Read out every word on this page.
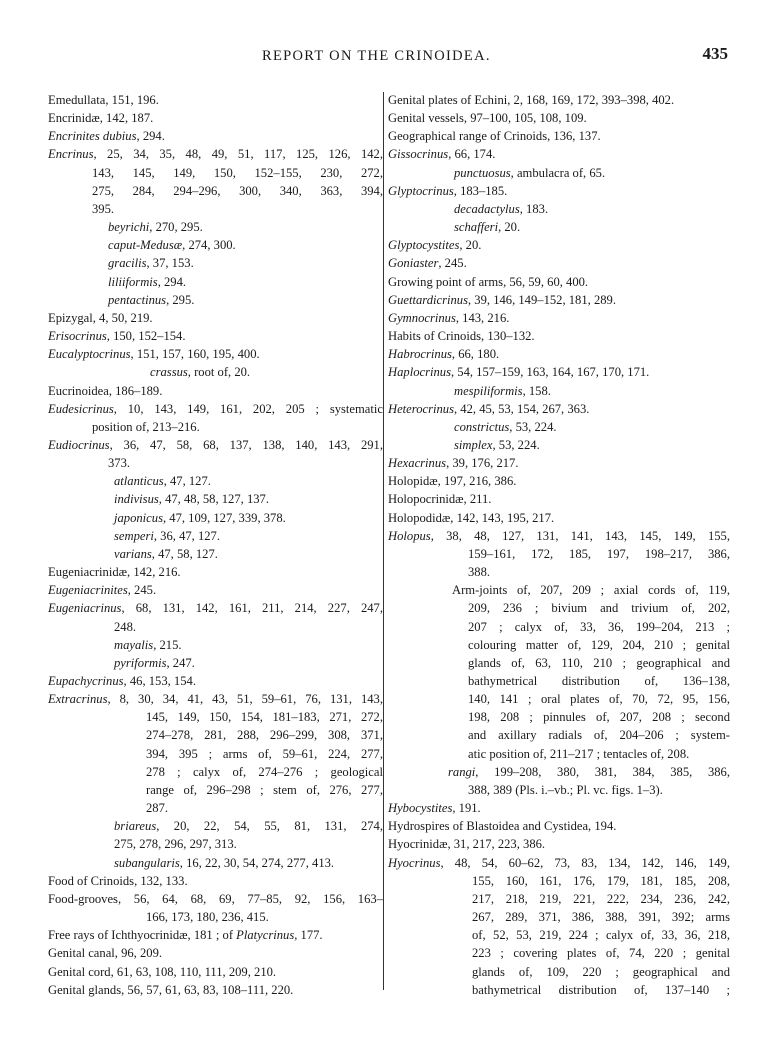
REPORT ON THE CRINOIDEA.	435
Emedullata, 151, 196.
Encrinidæ, 142, 187.
Encrinites dubius, 294.
Encrinus, 25, 34, 35, 48, 49, 51, 117, 125, 126, 142,
143, 145, 149, 150, 152–155, 230, 272,
275, 284, 294–296, 300, 340, 363, 394,
395.
beyrichi, 270, 295.
caput-Medusæ, 274, 300.
gracilis, 37, 153.
liliiformis, 294.
pentactinus, 295.
Epizygal, 4, 50, 219.
Erisocrinus, 150, 152–154.
Eucalyptocrinus, 151, 157, 160, 195, 400.
crassus, root of, 20.
Eucrinoidea, 186–189.
Eudesicrinus, 10, 143, 149, 161, 202, 205 ; systematic
position of, 213–216.
Eudiocrinus, 36, 47, 58, 68, 137, 138, 140, 143, 291,
373.
atlanticus, 47, 127.
indivisus, 47, 48, 58, 127, 137.
japonicus, 47, 109, 127, 339, 378.
semperi, 36, 47, 127.
varians, 47, 58, 127.
Eugeniacrinidæ, 142, 216.
Eugeniacrinites, 245.
Eugeniacrinus, 68, 131, 142, 161, 211, 214, 227, 247,
248.
mayalis, 215.
pyriformis, 247.
Eupachycrinus, 46, 153, 154.
Extracrinus, 8, 30, 34, 41, 43, 51, 59–61, 76, 131, 143,
145, 149, 150, 154, 181–183, 271, 272,
274–278, 281, 288, 296–299, 308, 371,
394, 395 ; arms of, 59–61, 224, 277,
278 ; calyx of, 274–276 ; geological
range of, 296–298 ; stem of, 276, 277,
287.
briareus, 20, 22, 54, 55, 81, 131, 274,
275, 278, 296, 297, 313.
subangularis, 16, 22, 30, 54, 274, 277, 413.
Food of Crinoids, 132, 133.
Food-grooves, 56, 64, 68, 69, 77–85, 92, 156, 163–
166, 173, 180, 236, 415.
Free rays of Ichthyocrinidæ, 181 ; of Platycrinus, 177.
Genital canal, 96, 209.
Genital cord, 61, 63, 108, 110, 111, 209, 210.
Genital glands, 56, 57, 61, 63, 83, 108–111, 220.
Genital plates of Echini, 2, 168, 169, 172, 393–398, 402.
Genital vessels, 97–100, 105, 108, 109.
Geographical range of Crinoids, 136, 137.
Gissocrinus, 66, 174.
punctuosus, ambulacra of, 65.
Glyptocrinus, 183–185.
decadactylus, 183.
schafferi, 20.
Glyptocystites, 20.
Goniaster, 245.
Growing point of arms, 56, 59, 60, 400.
Guettardicrinus, 39, 146, 149–152, 181, 289.
Gymnocrinus, 143, 216.
Habits of Crinoids, 130–132.
Habrocrinus, 66, 180.
Haplocrinus, 54, 157–159, 163, 164, 167, 170, 171.
mespiliformis, 158.
Heterocrinus, 42, 45, 53, 154, 267, 363.
constrictus, 53, 224.
simplex, 53, 224.
Hexacrinus, 39, 176, 217.
Holopidæ, 197, 216, 386.
Holopocrinidæ, 211.
Holopodidæ, 142, 143, 195, 217.
Holopus, 38, 48, 127, 131, 141, 143, 145, 149, 155,
159–161, 172, 185, 197, 198–217, 386,
388.
Arm-joints of, 207, 209 ; axial cords of, 119,
209, 236 ; bivium and trivium of, 202,
207 ; calyx of, 33, 36, 199–204, 213 ;
colouring matter of, 129, 204, 210 ; genital
glands of, 63, 110, 210 ; geographical and
bathymetrical distribution of, 136–138,
140, 141 ; oral plates of, 70, 72, 95, 156,
198, 208 ; pinnules of, 207, 208 ; second
and axillary radials of, 204–206 ; system-
atic position of, 211–217 ; tentacles of, 208.
rangi, 199–208, 380, 381, 384, 385, 386,
388, 389 (Pls. i.–vb.; Pl. vc. figs. 1–3).
Hybocystites, 191.
Hydrospires of Blastoidea and Cystidea, 194.
Hyocrinidæ, 31, 217, 223, 386.
Hyocrinus, 48, 54, 60–62, 73, 83, 134, 142, 146, 149,
155, 160, 161, 176, 179, 181, 185, 208,
217, 218, 219, 221, 222, 234, 236, 242,
267, 289, 371, 386, 388, 391, 392; arms
of, 52, 53, 219, 224 ; calyx of, 33, 36, 218,
223 ; covering plates of, 74, 220 ; genital
glands of, 109, 220 ; geographical and
bathymetrical distribution of, 137–140 ;
